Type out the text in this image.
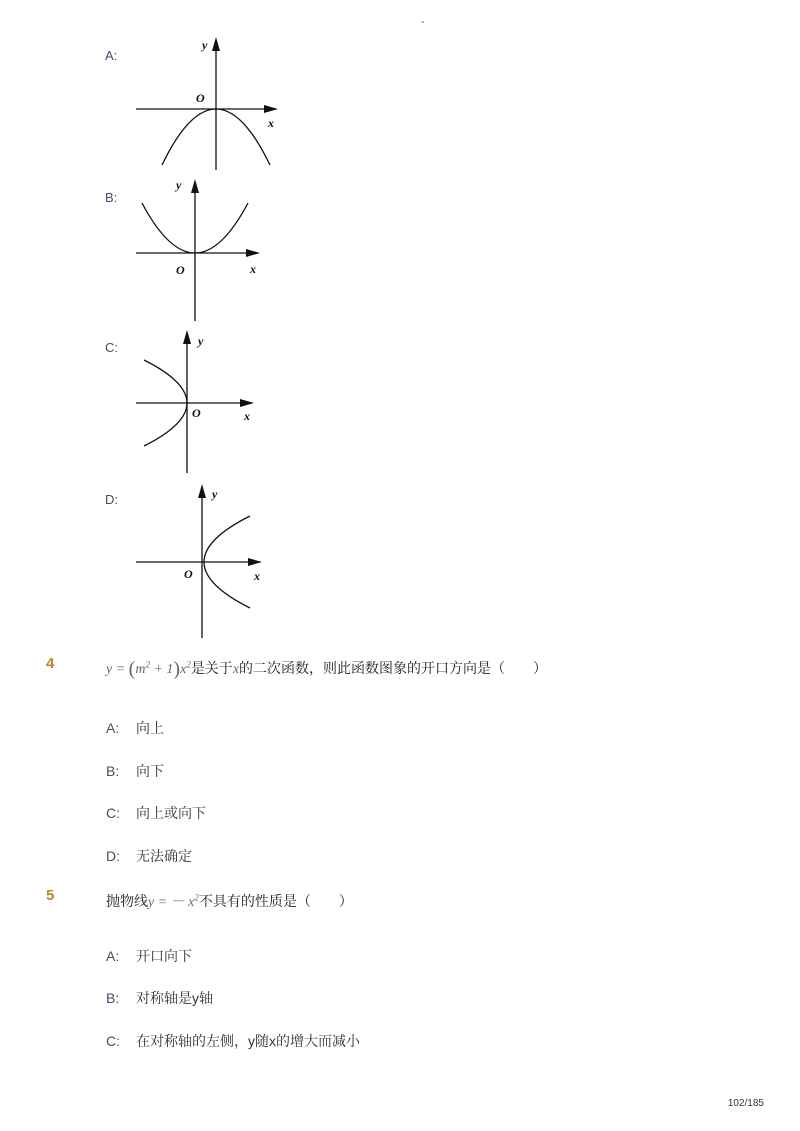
-
A:
y
x
O
B:
y
x
O
C:	y
x
O
D:	y
x
O
4	$y = (m^2 + 1)x^2$是关于x的二次函数，则此函数图象的开口方向是（　　）
A: 向上
B: 向下
C: 向上或向下
D: 无法确定
5	抛物线y = － $x^2$不具有的性质是（　　）
A: 开口向下
B: 对称轴是y轴
C: 在对称轴的左侧，y随x的增大而减小
102/185
